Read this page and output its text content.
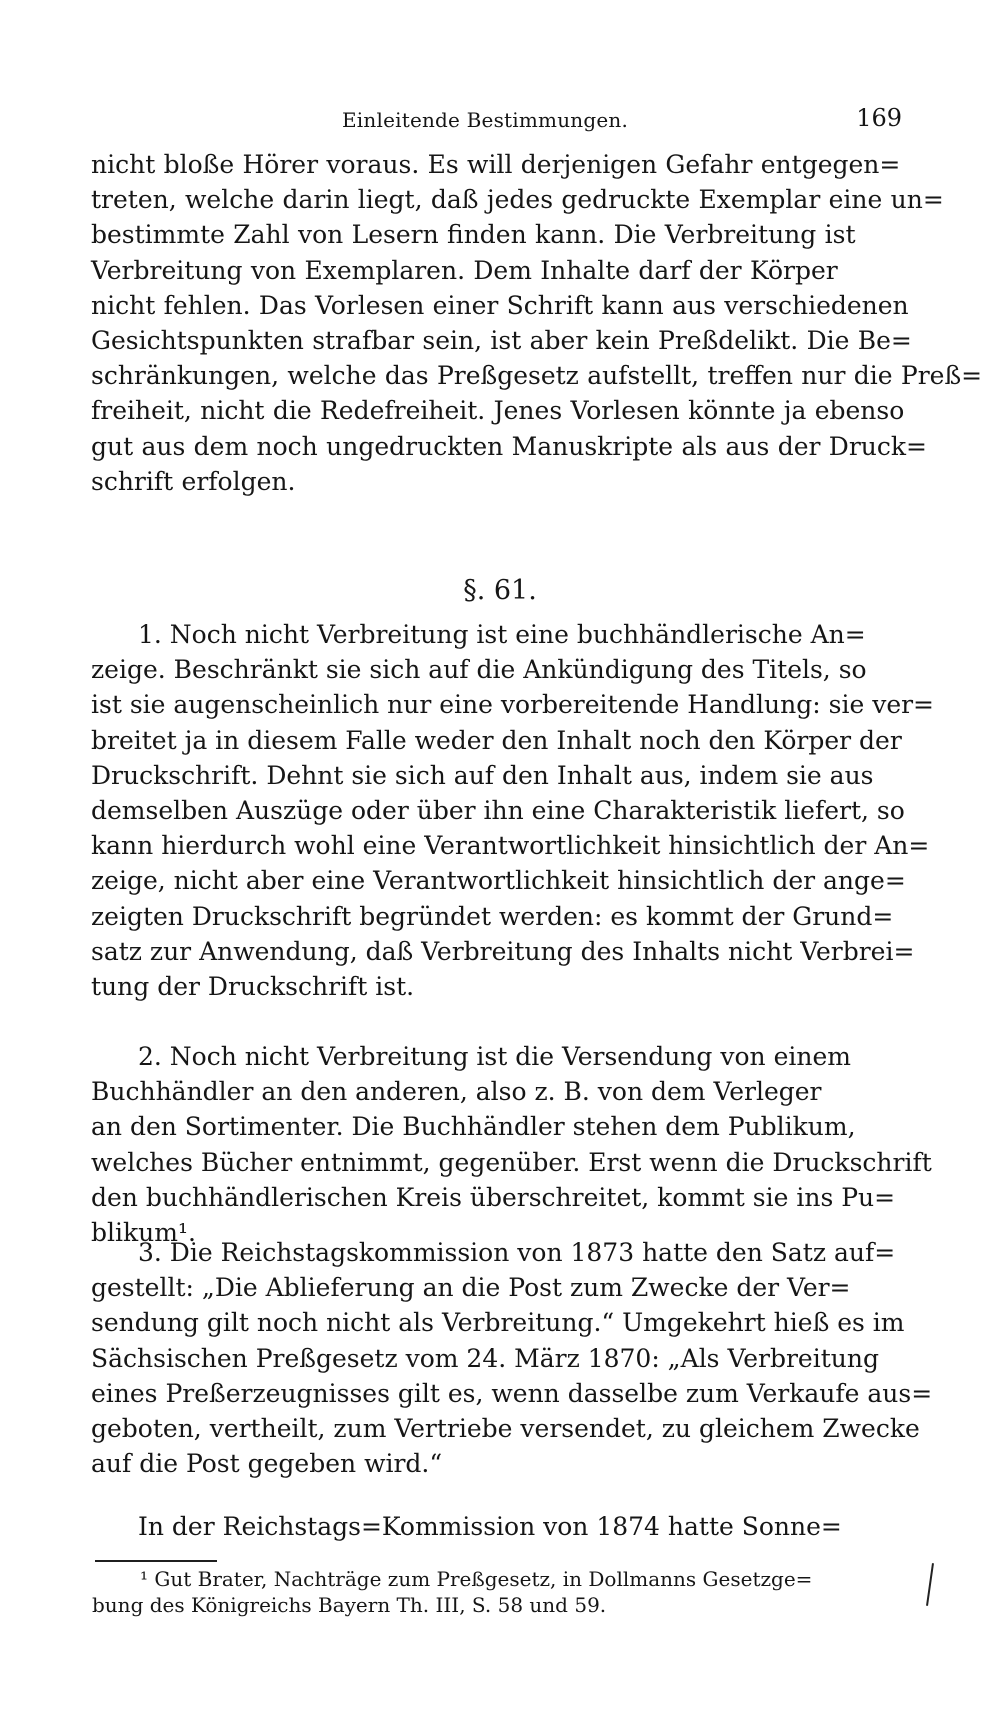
Einleitende Bestimmungen.	169
nicht bloße Hörer voraus. Es will derjenigen Gefahr entgegen=
treten, welche darin liegt, daß jedes gedruckte Exemplar eine un=
bestimmte Zahl von Lesern finden kann. Die Verbreitung ist
Verbreitung von Exemplaren. Dem Inhalte darf der Körper
nicht fehlen. Das Vorlesen einer Schrift kann aus verschiedenen
Gesichtspunkten strafbar sein, ist aber kein Preßdelikt. Die Be=
schränkungen, welche das Preßgesetz aufstellt, treffen nur die Preß=
freiheit, nicht die Redefreiheit. Jenes Vorlesen könnte ja ebenso
gut aus dem noch ungedruckten Manuskripte als aus der Druck=
schrift erfolgen.
§. 61.
1. Noch nicht Verbreitung ist eine buchhändlerische An=
zeige. Beschränkt sie sich auf die Ankündigung des Titels, so
ist sie augenscheinlich nur eine vorbereitende Handlung: sie ver=
breitet ja in diesem Falle weder den Inhalt noch den Körper der
Druckschrift. Dehnt sie sich auf den Inhalt aus, indem sie aus
demselben Auszüge oder über ihn eine Charakteristik liefert, so
kann hierdurch wohl eine Verantwortlichkeit hinsichtlich der An=
zeige, nicht aber eine Verantwortlichkeit hinsichtlich der ange=
zeigten Druckschrift begründet werden: es kommt der Grund=
satz zur Anwendung, daß Verbreitung des Inhalts nicht Verbrei=
tung der Druckschrift ist.
2. Noch nicht Verbreitung ist die Versendung von einem
Buchhändler an den anderen, also z. B. von dem Verleger
an den Sortimenter. Die Buchhändler stehen dem Publikum,
welches Bücher entnimmt, gegenüber. Erst wenn die Druckschrift
den buchhändlerischen Kreis überschreitet, kommt sie ins Pu=
blikum¹.
3. Die Reichstagskommission von 1873 hatte den Satz auf=
gestellt: „Die Ablieferung an die Post zum Zwecke der Ver=
sendung gilt noch nicht als Verbreitung.“ Umgekehrt hieß es im
Sächsischen Preßgesetz vom 24. März 1870: „Als Verbreitung
eines Preßerzeugnisses gilt es, wenn dasselbe zum Verkaufe aus=
geboten, vertheilt, zum Vertriebe versendet, zu gleichem Zwecke
auf die Post gegeben wird.“
In der Reichstags=Kommission von 1874 hatte Sonne=
¹ Gut Brater, Nachträge zum Preßgesetz, in Dollmanns Gesetzge=
bung des Königreichs Bayern Th. III, S. 58 und 59.
